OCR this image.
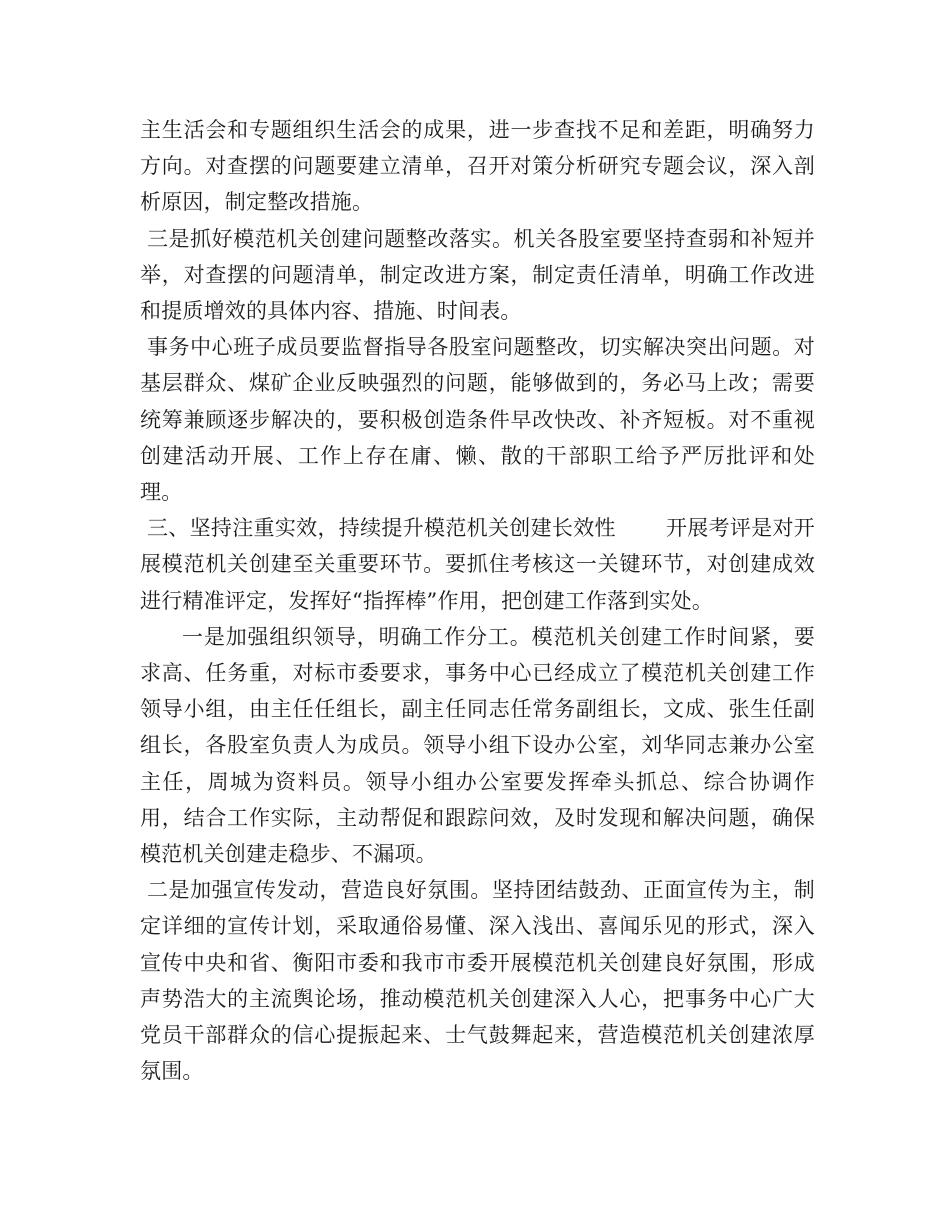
主生活会和专题组织生活会的成果，进一步查找不足和差距，明确努力方向。对查摆的问题要建立清单，召开对策分析研究专题会议，深入剖析原因，制定整改措施。

三是抓好模范机关创建问题整改落实。机关各股室要坚持查弱和补短并举，对查摆的问题清单，制定改进方案，制定责任清单，明确工作改进和提质增效的具体内容、措施、时间表。

事务中心班子成员要监督指导各股室问题整改，切实解决突出问题。对基层群众、煤矿企业反映强烈的问题，能够做到的，务必马上改；需要统筹兼顾逐步解决的，要积极创造条件早改快改、补齐短板。对不重视创建活动开展、工作上存在庸、懒、散的干部职工给予严厉批评和处理。

三、坚持注重实效，持续提升模范机关创建长效性 开展考评是对开展模范机关创建至关重要环节。要抓住考核这一关键环节，对创建成效进行精准评定，发挥好“指挥棒”作用，把创建工作落到实处。

一是加强组织领导，明确工作分工。模范机关创建工作时间紧，要求高、任务重，对标市委要求，事务中心已经成立了模范机关创建工作领导小组，由主任任组长，副主任同志任常务副组长，文成、张生任副组长，各股室负责人为成员。领导小组下设办公室，刘华同志兼办公室主任，周城为资料员。领导小组办公室要发挥牵头抓总、综合协调作用，结合工作实际，主动帮促和跟踪问效，及时发现和解决问题，确保模范机关创建走稳步、不漏项。

二是加强宣传发动，营造良好氛围。坚持团结鼓劲、正面宣传为主，制定详细的宣传计划，采取通俗易懂、深入浅出、喜闻乐见的形式，深入宣传中央和省、衡阳市委和我市市委开展模范机关创建良好氛围，形成声势浩大的主流舆论场，推动模范机关创建深入人心，把事务中心广大党员干部群众的信心提振起来、士气鼓舞起来，营造模范机关创建浓厚氛围。
